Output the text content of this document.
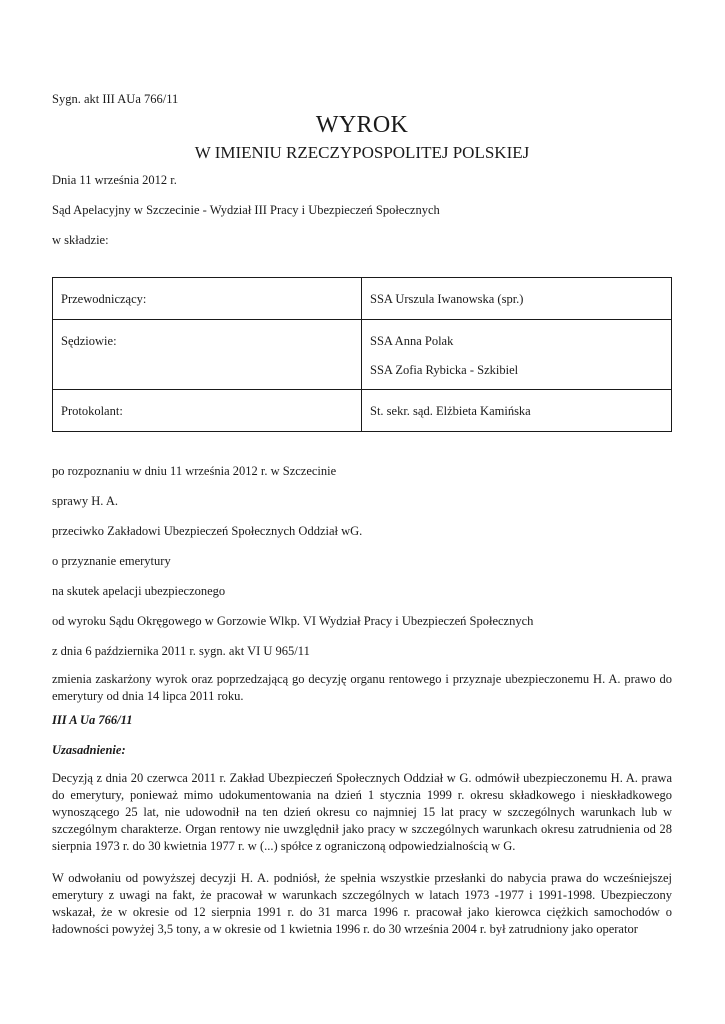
Sygn. akt III AUa 766/11
WYROK
W IMIENIU RZECZYPOSPOLITEJ POLSKIEJ
Dnia 11 września 2012 r.
Sąd Apelacyjny w Szczecinie - Wydział III Pracy i Ubezpieczeń Społecznych
w składzie:
Przewodniczący:	SSA Urszula Iwanowska (spr.)
Sędziowie:	SSA Anna Polak
SSA Zofia Rybicka - Szkibiel
Protokolant:	St. sekr. sąd. Elżbieta Kamińska
po rozpoznaniu w dniu 11 września 2012 r. w Szczecinie
sprawy H. A.
przeciwko Zakładowi Ubezpieczeń Społecznych Oddział wG.
o przyznanie emerytury
na skutek apelacji ubezpieczonego
od wyroku Sądu Okręgowego w Gorzowie Wlkp. VI Wydział Pracy i Ubezpieczeń Społecznych
z dnia 6 października 2011 r. sygn. akt VI U 965/11
zmienia zaskarżony wyrok oraz poprzedzającą go decyzję organu rentowego i przyznaje ubezpieczonemu H. A. prawo do emerytury od dnia 14 lipca 2011 roku.
III A Ua 766/11
Uzasadnienie:
Decyzją z dnia 20 czerwca 2011 r. Zakład Ubezpieczeń Społecznych Oddział w G. odmówił ubezpieczonemu H. A. prawa do emerytury, ponieważ mimo udokumentowania na dzień 1 stycznia 1999 r. okresu składkowego i nieskładkowego wynoszącego 25 lat, nie udowodnił na ten dzień okresu co najmniej 15 lat pracy w szczególnych warunkach lub w szczególnym charakterze. Organ rentowy nie uwzględnił jako pracy w szczególnych warunkach okresu zatrudnienia od 28 sierpnia 1973 r. do 30 kwietnia 1977 r. w (...) spółce z ograniczoną odpowiedzialnością w G.
W odwołaniu od powyższej decyzji H. A. podniósł, że spełnia wszystkie przesłanki do nabycia prawa do wcześniejszej emerytury z uwagi na fakt, że pracował w warunkach szczególnych w latach 1973 -1977 i 1991-1998. Ubezpieczony wskazał, że w okresie od 12 sierpnia 1991 r. do 31 marca 1996 r. pracował jako kierowca ciężkich samochodów o ładowności powyżej 3,5 tony, a w okresie od 1 kwietnia 1996 r. do 30 września 2004 r. był zatrudniony jako operator
